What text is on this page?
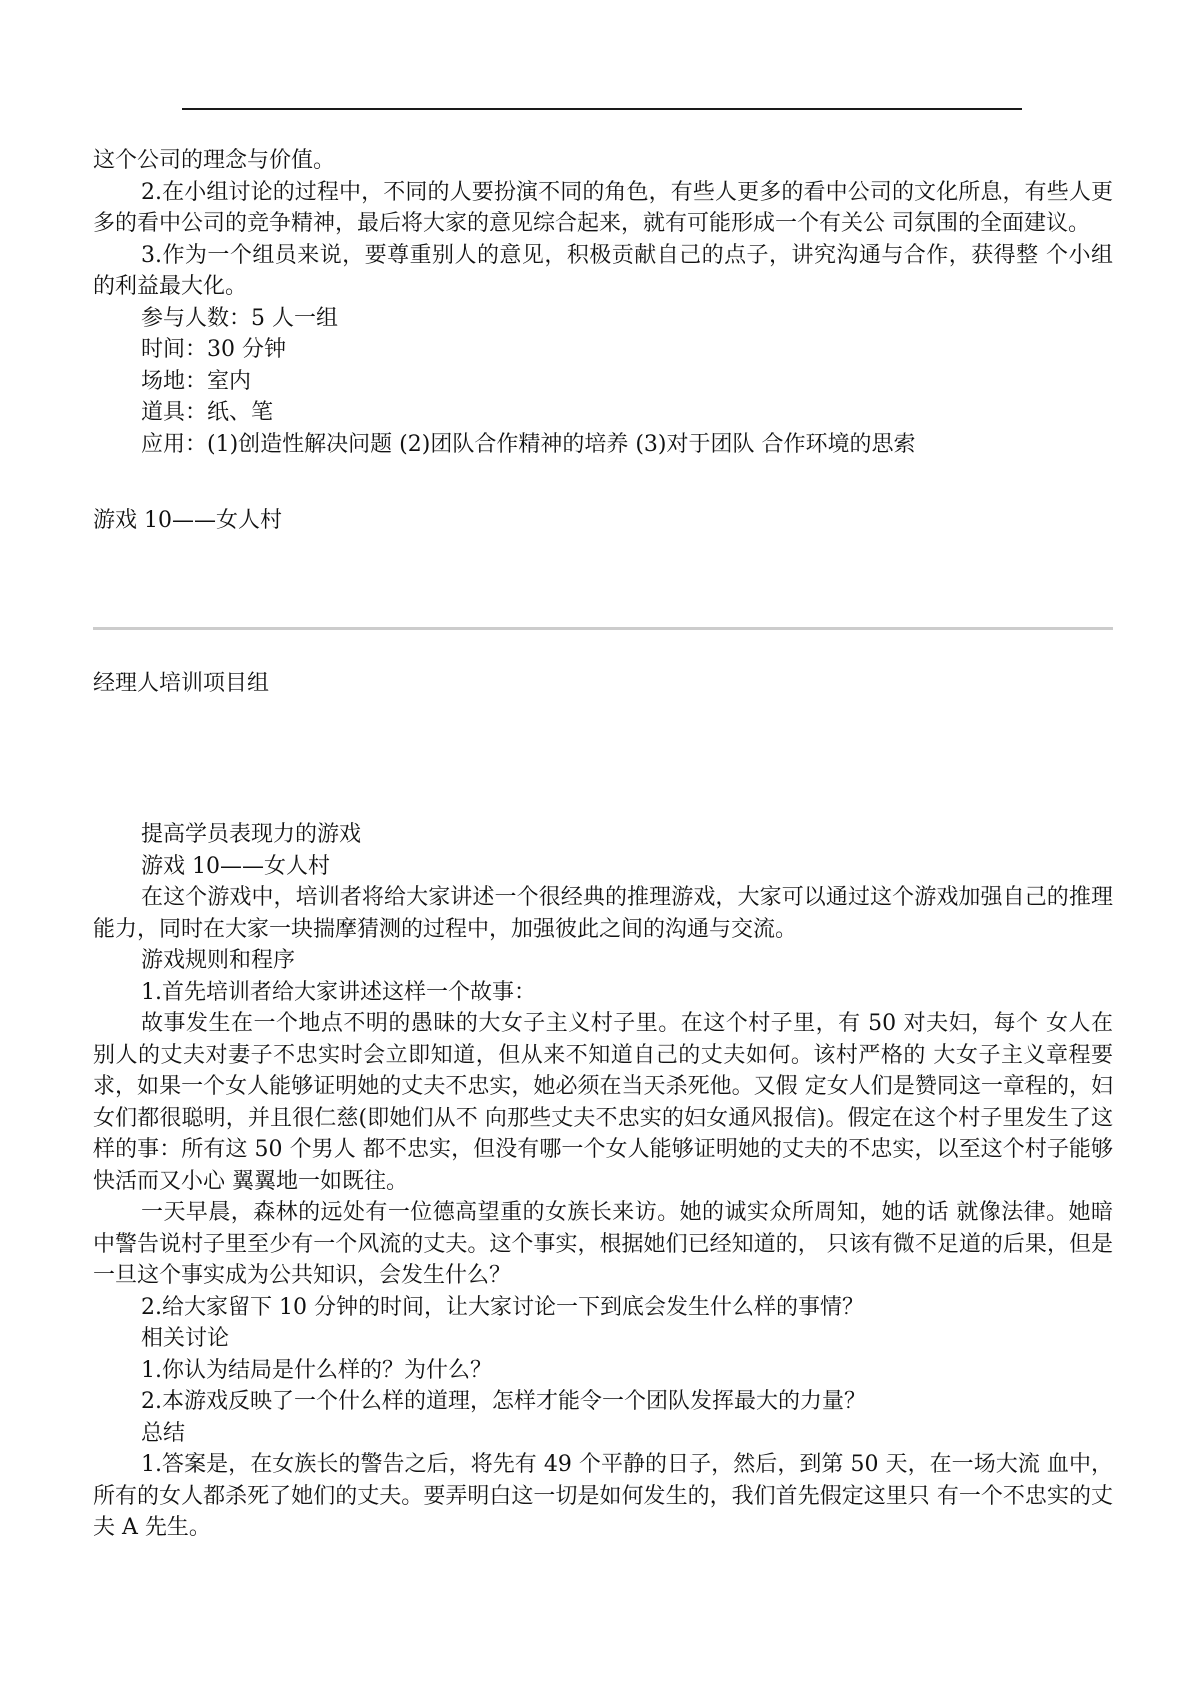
这个公司的理念与价值。

2.在小组讨论的过程中，不同的人要扮演不同的角色，有些人更多的看中公司的文化所息，有些人更多的看中公司的竞争精神，最后将大家的意见综合起来，就有可能形成一个有关公 司氛围的全面建议。

3.作为一个组员来说，要尊重别人的意见，积极贡献自己的点子，讲究沟通与合作，获得整 个小组的利益最大化。

参与人数：5 人一组

时间：30 分钟

场地：室内

道具：纸、笔

应用：(1)创造性解决问题 (2)团队合作精神的培养 (3)对于团队 合作环境的思索

游戏 10——女人村

经理人培训项目组

提高学员表现力的游戏

游戏 10——女人村

在这个游戏中，培训者将给大家讲述一个很经典的推理游戏，大家可以通过这个游戏加强自己的推理能力，同时在大家一块揣摩猜测的过程中，加强彼此之间的沟通与交流。

游戏规则和程序

1.首先培训者给大家讲述这样一个故事：

故事发生在一个地点不明的愚昧的大女子主义村子里。在这个村子里，有 50 对夫妇，每个 女人在别人的丈夫对妻子不忠实时会立即知道，但从来不知道自己的丈夫如何。该村严格的 大女子主义章程要求，如果一个女人能够证明她的丈夫不忠实，她必须在当天杀死他。又假 定女人们是赞同这一章程的，妇女们都很聪明，并且很仁慈(即她们从不 向那些丈夫不忠实的妇女通风报信)。假定在这个村子里发生了这样的事：所有这 50 个男人 都不忠实，但没有哪一个女人能够证明她的丈夫的不忠实，以至这个村子能够快活而又小心 翼翼地一如既往。

一天早晨，森林的远处有一位德高望重的女族长来访。她的诚实众所周知，她的话 就像法律。她暗中警告说村子里至少有一个风流的丈夫。这个事实，根据她们已经知道的， 只该有微不足道的后果，但是一旦这个事实成为公共知识，会发生什么？

2.给大家留下 10 分钟的时间，让大家讨论一下到底会发生什么样的事情？

相关讨论

1.你认为结局是什么样的？为什么？

2.本游戏反映了一个什么样的道理，怎样才能令一个团队发挥最大的力量？

总结

1.答案是，在女族长的警告之后，将先有 49 个平静的日子，然后，到第 50 天，在一场大流 血中，所有的女人都杀死了她们的丈夫。要弄明白这一切是如何发生的，我们首先假定这里只 有一个不忠实的丈夫 A 先生。
